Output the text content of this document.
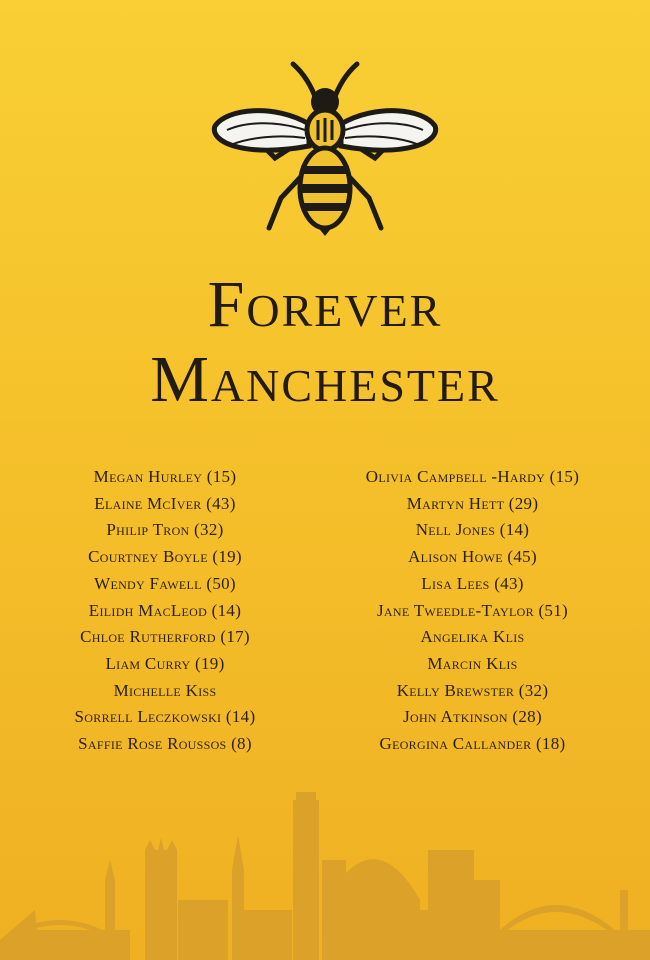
Forever
Manchester
Megan Hurley (15)
Elaine McIver (43)
Philip Tron (32)
Courtney Boyle (19)
Wendy Fawell (50)
Eilidh MacLeod (14)
Chloe Rutherford (17)
Liam Curry (19)
Michelle Kiss
Sorrell Leczkowski (14)
Saffie Rose Roussos (8)
Olivia Campbell -Hardy (15)
Martyn Hett (29)
Nell Jones (14)
Alison Howe (45)
Lisa Lees (43)
Jane Tweedle-Taylor (51)
Angelika Klis
Marcin Klis
Kelly Brewster (32)
John Atkinson (28)
Georgina Callander (18)
